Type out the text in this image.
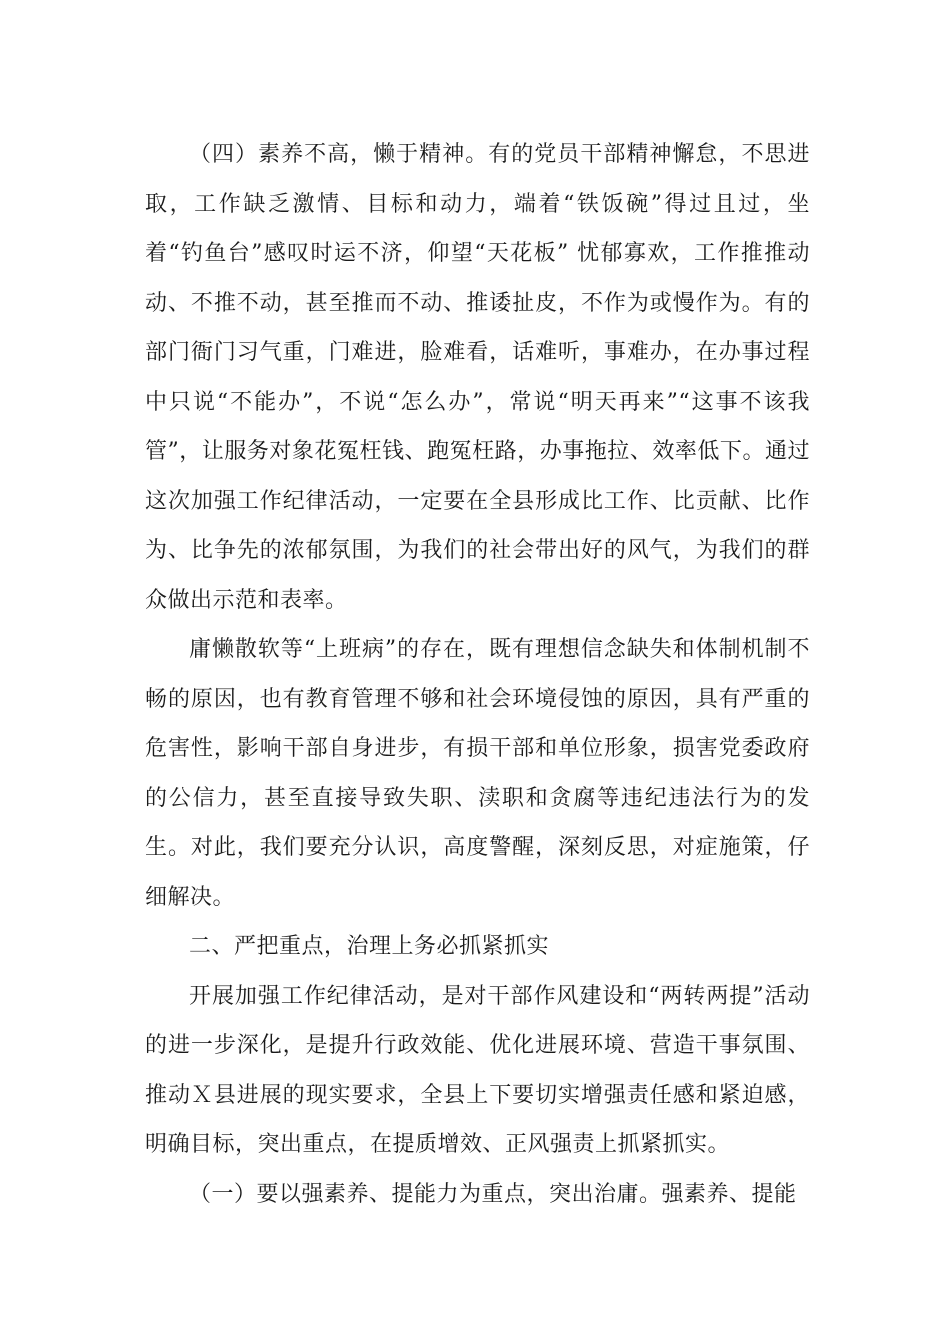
（四）素养不高，懒于精神。有的党员干部精神懈怠，不思进取，工作缺乏激情、目标和动力，端着“铁饭碗”得过且过，坐着“钓鱼台”感叹时运不济，仰望“天花板” 忧郁寡欢，工作推推动动、不推不动，甚至推而不动、推诿扯皮，不作为或慢作为。有的部门衙门习气重，门难进，脸难看，话难听，事难办，在办事过程中只说“不能办”，不说“怎么办”，常说“明天再来”“这事不该我管”，让服务对象花冤枉钱、跑冤枉路，办事拖拉、效率低下。通过这次加强工作纪律活动，一定要在全县形成比工作、比贡献、比作为、比争先的浓郁氛围，为我们的社会带出好的风气，为我们的群众做出示范和表率。

庸懒散软等“上班病”的存在，既有理想信念缺失和体制机制不畅的原因，也有教育管理不够和社会环境侵蚀的原因，具有严重的危害性，影响干部自身进步，有损干部和单位形象，损害党委政府的公信力，甚至直接导致失职、渎职和贪腐等违纪违法行为的发生。对此，我们要充分认识，高度警醒，深刻反思，对症施策，仔细解决。

二、严把重点，治理上务必抓紧抓实

开展加强工作纪律活动，是对干部作风建设和“两转两提”活动的进一步深化，是提升行政效能、优化进展环境、营造干事氛围、推动Ｘ县进展的现实要求，全县上下要切实增强责任感和紧迫感，明确目标，突出重点，在提质增效、正风强责上抓紧抓实。

（一）要以强素养、提能力为重点，突出治庸。强素养、提能
